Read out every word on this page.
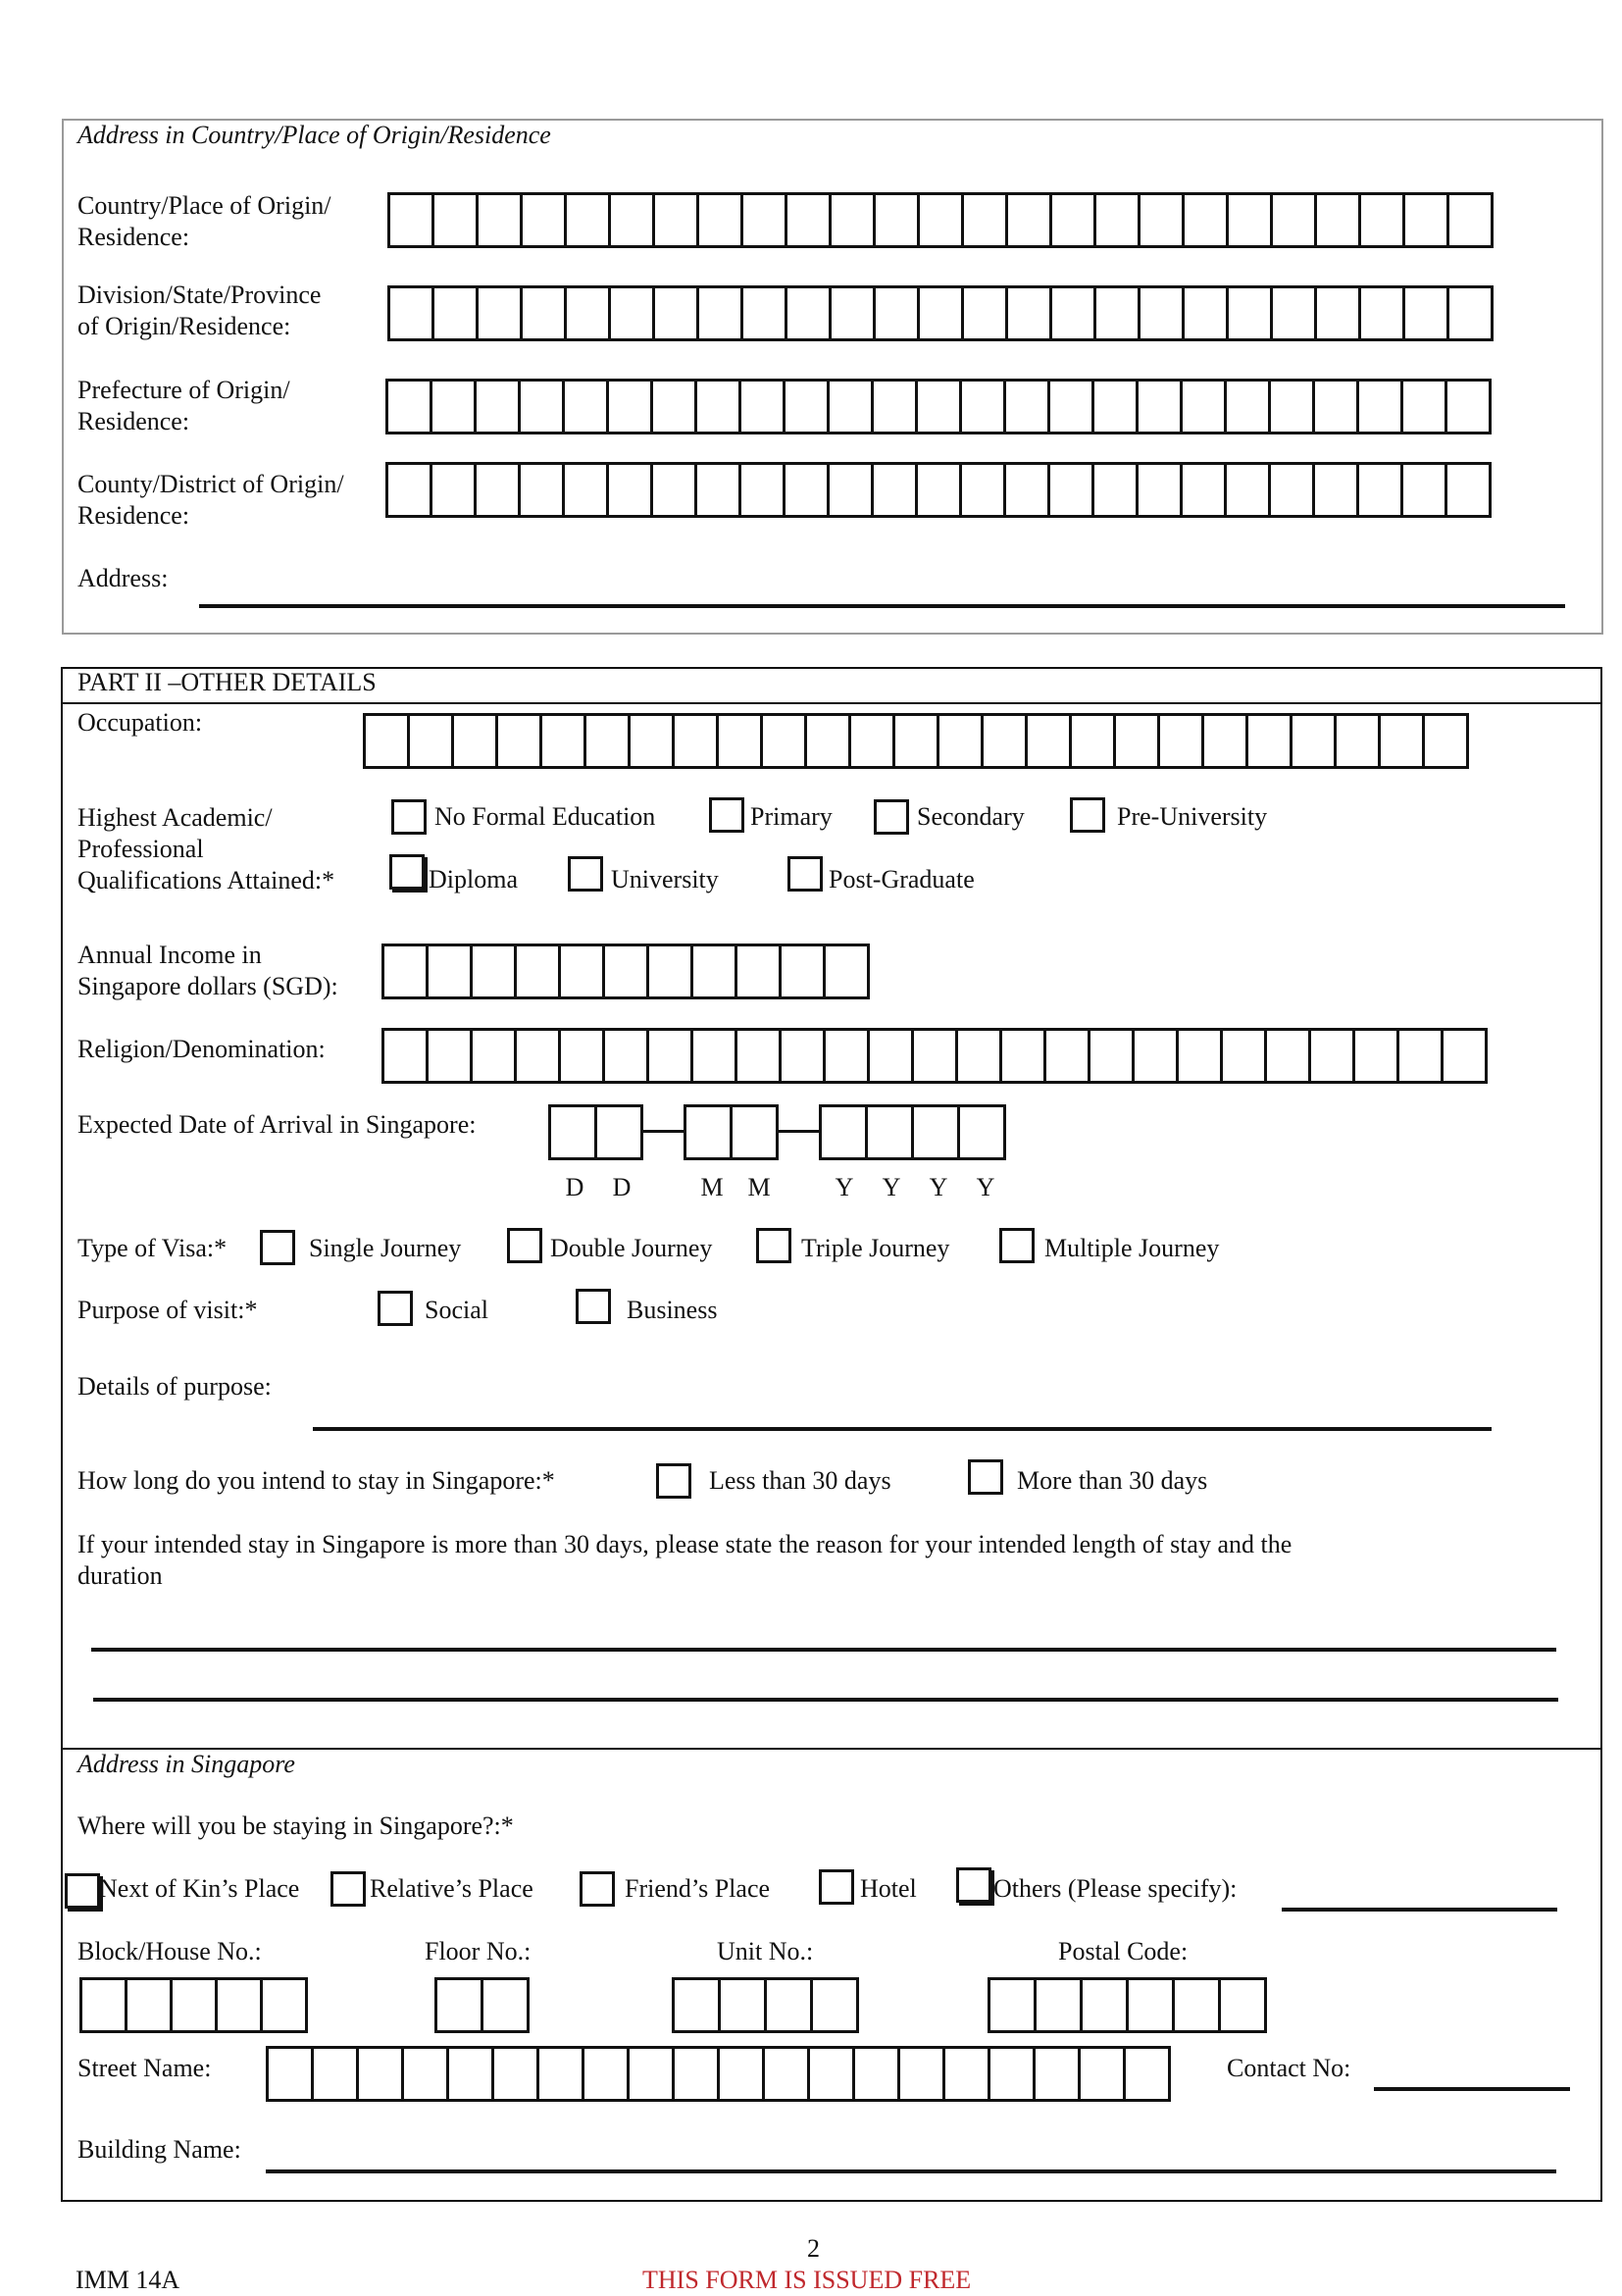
Address in Country/Place of Origin/Residence
Country/Place of Origin/
Residence:
Division/State/Province
of Origin/Residence:
Prefecture of Origin/
Residence:
County/District of Origin/
Residence:
Address:
PART II –OTHER DETAILS
Occupation:
Highest Academic/
Professional
Qualifications Attained:*
No Formal Education	Primary	Secondary	Pre-University
Diploma	University	Post-Graduate
Annual Income in
Singapore dollars (SGD):
Religion/Denomination:
Expected Date of Arrival in Singapore:
D	D	M M	Y	Y	Y	Y
Type of Visa:*	Single Journey	Double Journey	Triple Journey	Multiple Journey
Purpose of visit:*	Social	Business
Details of purpose:
How long do you intend to stay in Singapore:*	Less than 30 days	More than 30 days
If your intended stay in Singapore is more than 30 days, please state the reason for your intended length of stay and the
duration
Address in Singapore
Where will you be staying in Singapore?:*
Next of Kin’s Place	Relative’s Place	Friend’s Place	Hotel	Others (Please specify):
Block/House No.:	Floor No.:	Unit No.:	Postal Code:
Street Name:	Contact No:
Building Name:
2
IMM 14A	THIS FORM IS ISSUED FREE
